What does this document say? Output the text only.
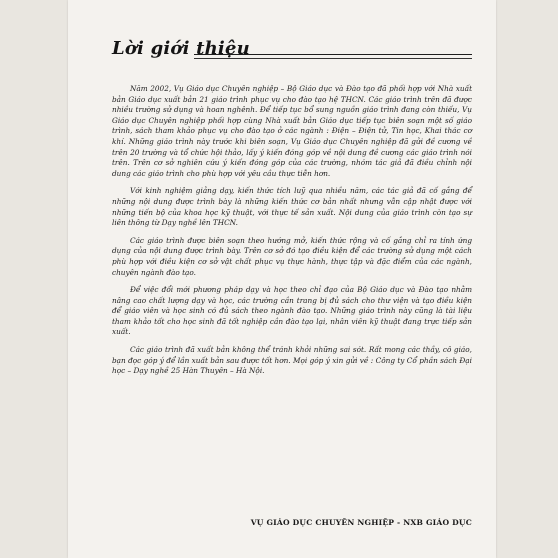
Lời giới thiệu

Năm 2002, Vụ Giáo dục Chuyên nghiệp – Bộ Giáo dục và Đào tạo đã phối hợp với Nhà xuất bản Giáo dục xuất bản 21 giáo trình phục vụ cho đào tạo hệ THCN. Các giáo trình trên đã được nhiều trường sử dụng và hoan nghênh. Để tiếp tục bổ sung nguồn giáo trình đang còn thiếu, Vụ Giáo dục Chuyên nghiệp phối hợp cùng Nhà xuất bản Giáo dục tiếp tục biên soạn một số giáo trình, sách tham khảo phục vụ cho đào tạo ở các ngành : Điện – Điện tử, Tin học, Khai thác cơ khí. Những giáo trình này trước khi biên soạn, Vụ Giáo dục Chuyên nghiệp đã gửi đề cương về trên 20 trường và tổ chức hội thảo, lấy ý kiến đóng góp về nội dung đề cương các giáo trình nói trên. Trên cơ sở nghiên cứu ý kiến đóng góp của các trường, nhóm tác giả đã điều chỉnh nội dung các giáo trình cho phù hợp với yêu cầu thực tiễn hơn.

Với kinh nghiệm giảng dạy, kiến thức tích luỹ qua nhiều năm, các tác giả đã cố gắng để những nội dung được trình bày là những kiến thức cơ bản nhất nhưng vẫn cập nhật được với những tiến bộ của khoa học kỹ thuật, với thực tế sản xuất. Nội dung của giáo trình còn tạo sự liên thông từ Dạy nghề lên THCN.

Các giáo trình được biên soạn theo hướng mở, kiến thức rộng và cố gắng chỉ ra tính ứng dụng của nội dung được trình bày. Trên cơ sở đó tạo điều kiện để các trường sử dụng một cách phù hợp với điều kiện cơ sở vật chất phục vụ thực hành, thực tập và đặc điểm của các ngành, chuyên ngành đào tạo.

Để việc đổi mới phương pháp dạy và học theo chỉ đạo của Bộ Giáo dục và Đào tạo nhằm nâng cao chất lượng dạy và học, các trường cần trang bị đủ sách cho thư viện và tạo điều kiện để giáo viên và học sinh có đủ sách theo ngành đào tạo. Những giáo trình này cũng là tài liệu tham khảo tốt cho học sinh đã tốt nghiệp cần đào tạo lại, nhân viên kỹ thuật đang trực tiếp sản xuất.

Các giáo trình đã xuất bản không thể tránh khỏi những sai sót. Rất mong các thầy, cô giáo, bạn đọc góp ý để lần xuất bản sau được tốt hơn. Mọi góp ý xin gửi về : Công ty Cổ phần sách Đại học – Dạy nghề 25 Hàn Thuyên – Hà Nội.

VỤ GIÁO DỤC CHUYÊN NGHIỆP - NXB GIÁO DỤC
